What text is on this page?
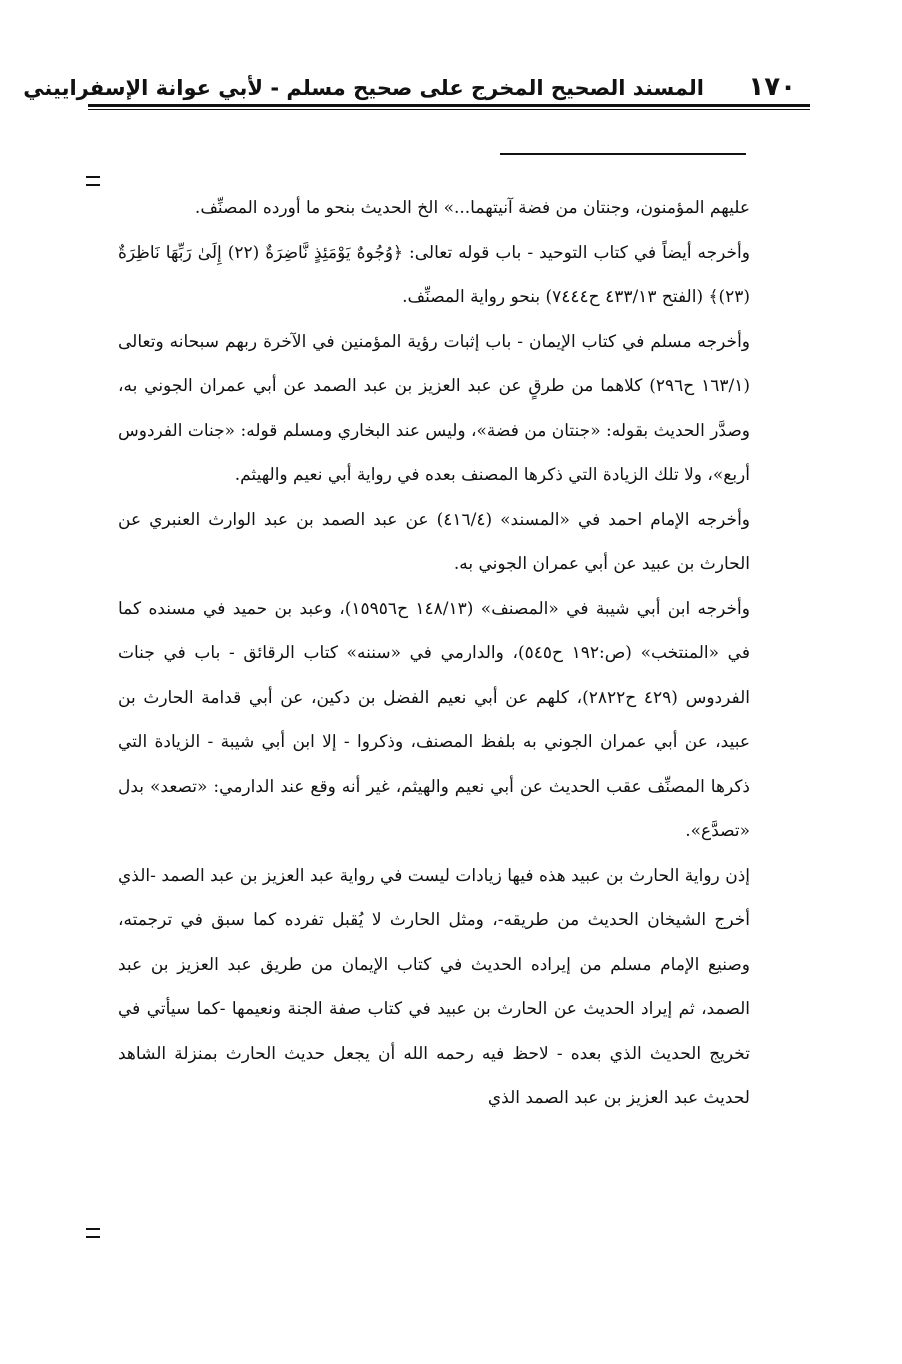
١٧٠
المسند الصحيح المخرج على صحيح مسلم - لأبي عوانة الإسفراييني

عليهم المؤمنون، وجنتان من فضة آنيتهما...» الخ الحديث بنحو ما أورده المصنِّف.

وأخرجه أيضاً في كتاب التوحيد - باب قوله تعالى: ﴿وُجُوهٌ يَوْمَئِذٍ نَّاضِرَةٌ (٢٢) إِلَىٰ رَبِّهَا نَاظِرَةٌ (٢٣)﴾ (الفتح ٤٣٣/١٣ ح٧٤٤٤) بنحو رواية المصنِّف.

وأخرجه مسلم في كتاب الإيمان - باب إثبات رؤية المؤمنين في الآخرة ربهم سبحانه وتعالى (١٦٣/١ ح٢٩٦) كلاهما من طرقٍ عن عبد العزيز بن عبد الصمد عن أبي عمران الجوني به، وصدَّر الحديث بقوله: «جنتان من فضة»، وليس عند البخاري ومسلم قوله: «جنات الفردوس أربع»، ولا تلك الزيادة التي ذكرها المصنف بعده في رواية أبي نعيم والهيثم.

وأخرجه الإمام احمد في «المسند» (٤١٦/٤) عن عبد الصمد بن عبد الوارث العنبري عن الحارث بن عبيد عن أبي عمران الجوني به.

وأخرجه ابن أبي شيبة في «المصنف» (١٤٨/١٣ ح١٥٩٥٦)، وعبد بن حميد في مسنده كما في «المنتخب» (ص:١٩٢ ح٥٤٥)، والدارمي في «سننه» كتاب الرقائق - باب في جنات الفردوس (٤٢٩ ح٢٨٢٢)، كلهم عن أبي نعيم الفضل بن دكين، عن أبي قدامة الحارث بن عبيد، عن أبي عمران الجوني به بلفظ المصنف، وذكروا - إلا ابن أبي شيبة - الزيادة التي ذكرها المصنِّف عقب الحديث عن أبي نعيم والهيثم، غير أنه وقع عند الدارمي: «تصعد» بدل «تصدَّع».

إذن رواية الحارث بن عبيد هذه فيها زيادات ليست في رواية عبد العزيز بن عبد الصمد -الذي أخرج الشيخان الحديث من طريقه-، ومثل الحارث لا يُقبل تفرده كما سبق في ترجمته، وصنيع الإمام مسلم من إيراده الحديث في كتاب الإيمان من طريق عبد العزيز بن عبد الصمد، ثم إيراد الحديث عن الحارث بن عبيد في كتاب صفة الجنة ونعيمها -كما سيأتي في تخريج الحديث الذي بعده - لاحظ فيه رحمه الله أن يجعل حديث الحارث بمنزلة الشاهد لحديث عبد العزيز بن عبد الصمد الذي
